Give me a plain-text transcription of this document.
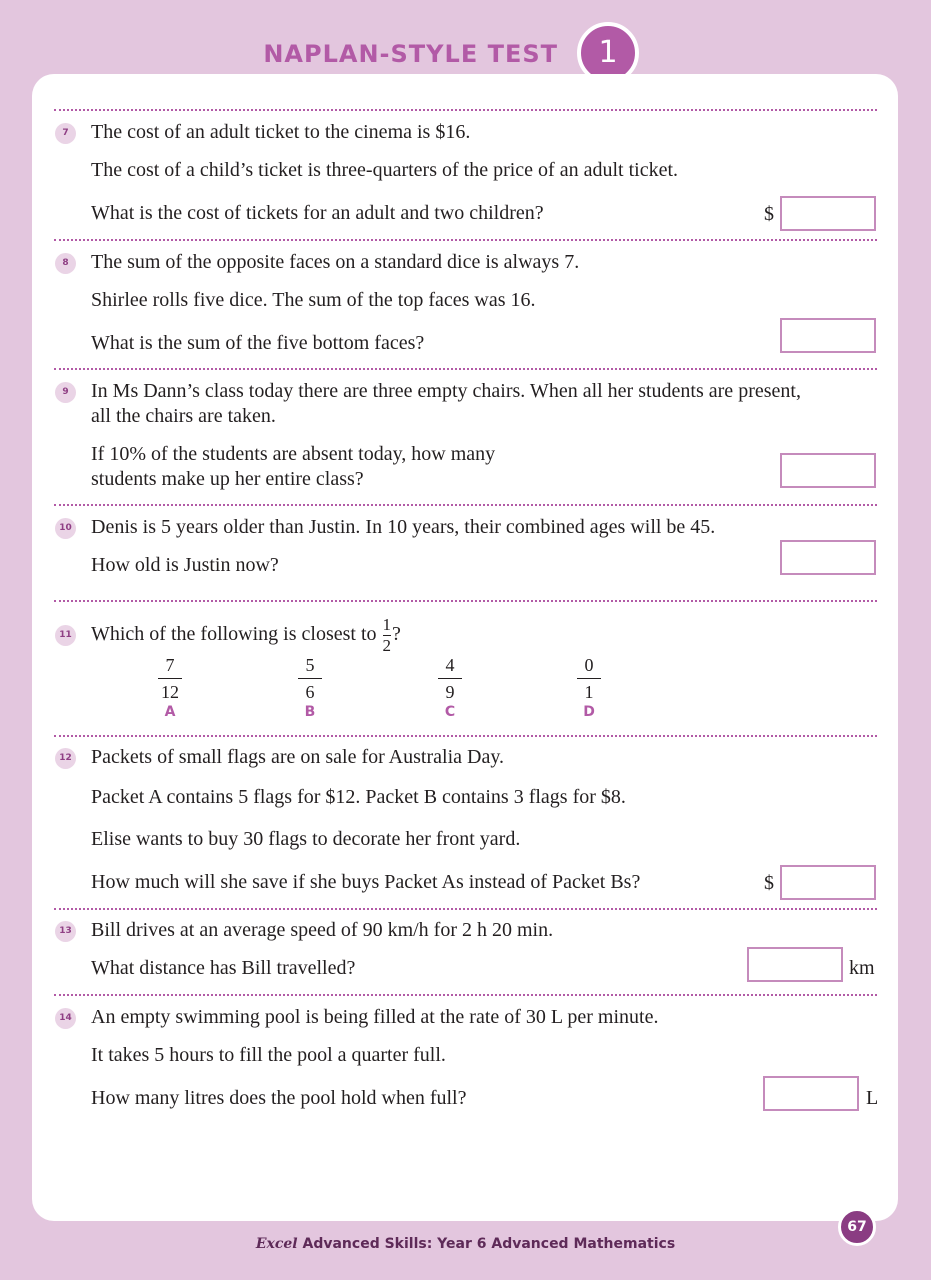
NAPLAN-STYLE TEST	1
7	The cost of an adult ticket to the cinema is $16.
The cost of a child’s ticket is three-quarters of the price of an adult ticket.
What is the cost of tickets for an adult and two children?	$
8	The sum of the opposite faces on a standard dice is always 7.
Shirlee rolls five dice. The sum of the top faces was 16.
What is the sum of the five bottom faces?
9	In Ms Dann’s class today there are three empty chairs. When all her students are present,
all the chairs are taken.
If 10% of the students are absent today, how many
students make up her entire class?
10 Denis is 5 years older than Justin. In 10 years, their combined ages will be 45.
How old is Justin now?
11 Which of the following is closest to $\frac{1}{2}$ ?
7
12
A
5
6
B
4
9
C
0
1
D
12 Packets of small flags are on sale for Australia Day.
Packet A contains 5 flags for $12. Packet B contains 3 flags for $8.
Elise wants to buy 30 flags to decorate her front yard.
How much will she save if she buys Packet As instead of Packet Bs?	$
13 Bill drives at an average speed of 90 km/h for 2 h 20 min.
What distance has Bill travelled?	km
14 An empty swimming pool is being filled at the rate of 30 L per minute.
It takes 5 hours to fill the pool a quarter full.
How many litres does the pool hold when full?	L
67
Excel Advanced Skills: Year 6 Advanced Mathematics
